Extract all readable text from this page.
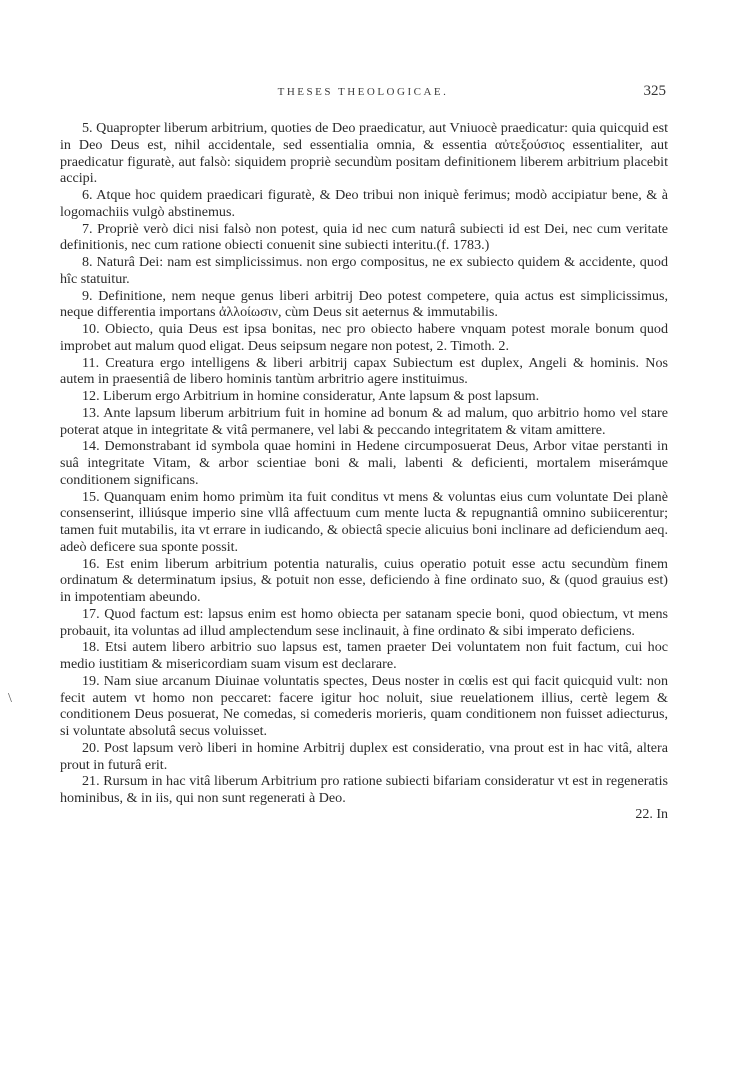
THESES THEOLOGICAE.	325
\

5. Quapropter liberum arbitrium, quoties de Deo praedicatur, aut Vniuocè praedicatur: quia quicquid est in Deo Deus est, nihil accidentale, sed essentialia omnia, & essentia αὐτεξούσιος essentialiter, aut praedicatur figuratè, aut falsò: siquidem propriè secundùm positam definitionem liberem arbitrium placebit accipi.

6. Atque hoc quidem praedicari figuratè, & Deo tribui non iniquè ferimus; modò accipiatur bene, & à logomachiis vulgò abstinemus.

7. Propriè verò dici nisi falsò non potest, quia id nec cum naturâ subiecti id est Dei, nec cum veritate definitionis, nec cum ratione obiecti conuenit sine subiecti interitu.(f. 1783.)

8. Naturâ Dei: nam est simplicissimus. non ergo compositus, ne ex subiecto quidem & accidente, quod hîc statuitur.

9. Definitione, nem neque genus liberi arbitrij Deo potest competere, quia actus est simplicissimus, neque differentia importans ἀλλοίωσιν, cùm Deus sit aeternus & immutabilis.

10. Obiecto, quia Deus est ipsa bonitas, nec pro obiecto habere vnquam potest morale bonum quod improbet aut malum quod eligat. Deus seipsum negare non potest, 2. Timoth. 2.

11. Creatura ergo intelligens & liberi arbitrij capax Subiectum est duplex, Angeli & hominis. Nos autem in praesentiâ de libero hominis tantùm arbritrio agere instituimus.

12. Liberum ergo Arbitrium in homine consideratur, Ante lapsum & post lapsum.

13. Ante lapsum liberum arbitrium fuit in homine ad bonum & ad malum, quo arbitrio homo vel stare poterat atque in integritate & vitâ permanere, vel labi & peccando integritatem & vitam amittere.

14. Demonstrabant id symbola quae homini in Hedene circumposuerat Deus, Arbor vitae perstanti in suâ integritate Vitam, & arbor scientiae boni & mali, labenti & deficienti, mortalem miserámque conditionem significans.

15. Quanquam enim homo primùm ita fuit conditus vt mens & voluntas eius cum voluntate Dei planè consenserint, illiúsque imperio sine vllâ affectuum cum mente lucta & repugnantiâ omnino subiicerentur; tamen fuit mutabilis, ita vt errare in iudicando, & obiectâ specie alicuius boni inclinare ad deficiendum aeq. adeò deficere sua sponte possit.

16. Est enim liberum arbitrium potentia naturalis, cuius operatio potuit esse actu secundùm finem ordinatum & determinatum ipsius, & potuit non esse, deficiendo à fine ordinato suo, & (quod grauius est) in impotentiam abeundo.

17. Quod factum est: lapsus enim est homo obiecta per satanam specie boni, quod obiectum, vt mens probauit, ita voluntas ad illud amplectendum sese inclinauit, à fine ordinato & sibi imperato deficiens.

18. Etsi autem libero arbitrio suo lapsus est, tamen praeter Dei voluntatem non fuit factum, cui hoc medio iustitiam & misericordiam suam visum est declarare.

19. Nam siue arcanum Diuinae voluntatis spectes, Deus noster in cœlis est qui facit quicquid vult: non fecit autem vt homo non peccaret: facere igitur hoc noluit, siue reuelationem illius, certè legem & conditionem Deus posuerat, Ne comedas, si comederis morieris, quam conditionem non fuisset adiecturus, si voluntate absolutâ secus voluisset.

20. Post lapsum verò liberi in homine Arbitrij duplex est consideratio, vna prout est in hac vitâ, altera prout in futurâ erit.

21. Rursum in hac vitâ liberum Arbitrium pro ratione subiecti bifariam consideratur vt est in regeneratis hominibus, & in iis, qui non sunt regenerati à Deo.

22. In
